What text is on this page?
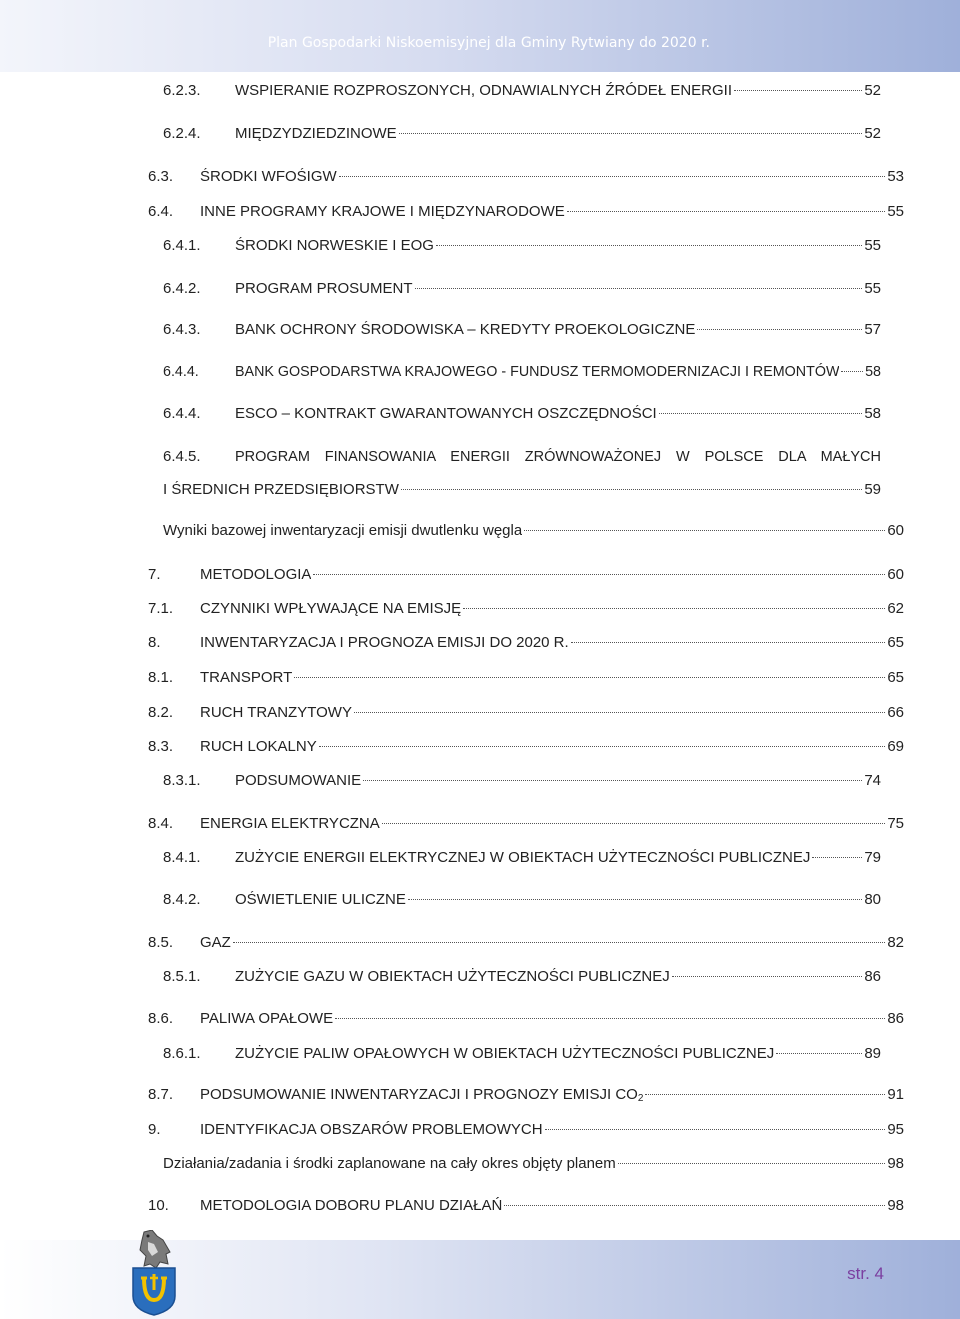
Plan Gospodarki Niskoemisyjnej dla Gminy Rytwiany do 2020 r.
6.2.3.	WSPIERANIE ROZPROSZONYCH, ODNAWIALNYCH ŹRÓDEŁ ENERGII	52
6.2.4.	MIĘDZYDZIEDZINOWE	52
6.3.	ŚRODKI WFOŚIGW	53
6.4.	INNE PROGRAMY KRAJOWE I MIĘDZYNARODOWE	55
6.4.1.	ŚRODKI NORWESKIE I EOG	55
6.4.2.	PROGRAM PROSUMENT	55
6.4.3.	BANK OCHRONY ŚRODOWISKA – KREDYTY PROEKOLOGICZNE	57
6.4.4.	BANK GOSPODARSTWA KRAJOWEGO - FUNDUSZ TERMOMODERNIZACJI I REMONTÓW 58
6.4.4.	ESCO – KONTRAKT GWARANTOWANYCH OSZCZĘDNOŚCI	58
6.4.5.	PROGRAM FINANSOWANIA ENERGII ZRÓWNOWAŻONEJ W POLSCE DLA MAŁYCH
I ŚREDNICH PRZEDSIĘBIORSTW	59
Wyniki bazowej inwentaryzacji emisji dwutlenku węgla	60
7.	METODOLOGIA	60
7.1.	CZYNNIKI WPŁYWAJĄCE NA EMISJĘ	62
8.	INWENTARYZACJA I PROGNOZA EMISJI DO 2020 R.	65
8.1.	TRANSPORT	65
8.2.	RUCH TRANZYTOWY	66
8.3.	RUCH LOKALNY	69
8.3.1.	PODSUMOWANIE	74
8.4.	ENERGIA ELEKTRYCZNA	75
8.4.1.	ZUŻYCIE ENERGII ELEKTRYCZNEJ W OBIEKTACH UŻYTECZNOŚCI PUBLICZNEJ	79
8.4.2.	OŚWIETLENIE ULICZNE	80
8.5.	GAZ	82
8.5.1.	ZUŻYCIE GAZU W OBIEKTACH UŻYTECZNOŚCI PUBLICZNEJ	86
8.6.	PALIWA OPAŁOWE	86
8.6.1.	ZUŻYCIE PALIW OPAŁOWYCH W OBIEKTACH UŻYTECZNOŚCI PUBLICZNEJ	89
8.7.	PODSUMOWANIE INWENTARYZACJI I PROGNOZY EMISJI CO2	91
9.	IDENTYFIKACJA OBSZARÓW PROBLEMOWYCH	95
Działania/zadania i środki zaplanowane na cały okres objęty planem	98
10.	METODOLOGIA DOBORU PLANU DZIAŁAŃ	98
str. 4
